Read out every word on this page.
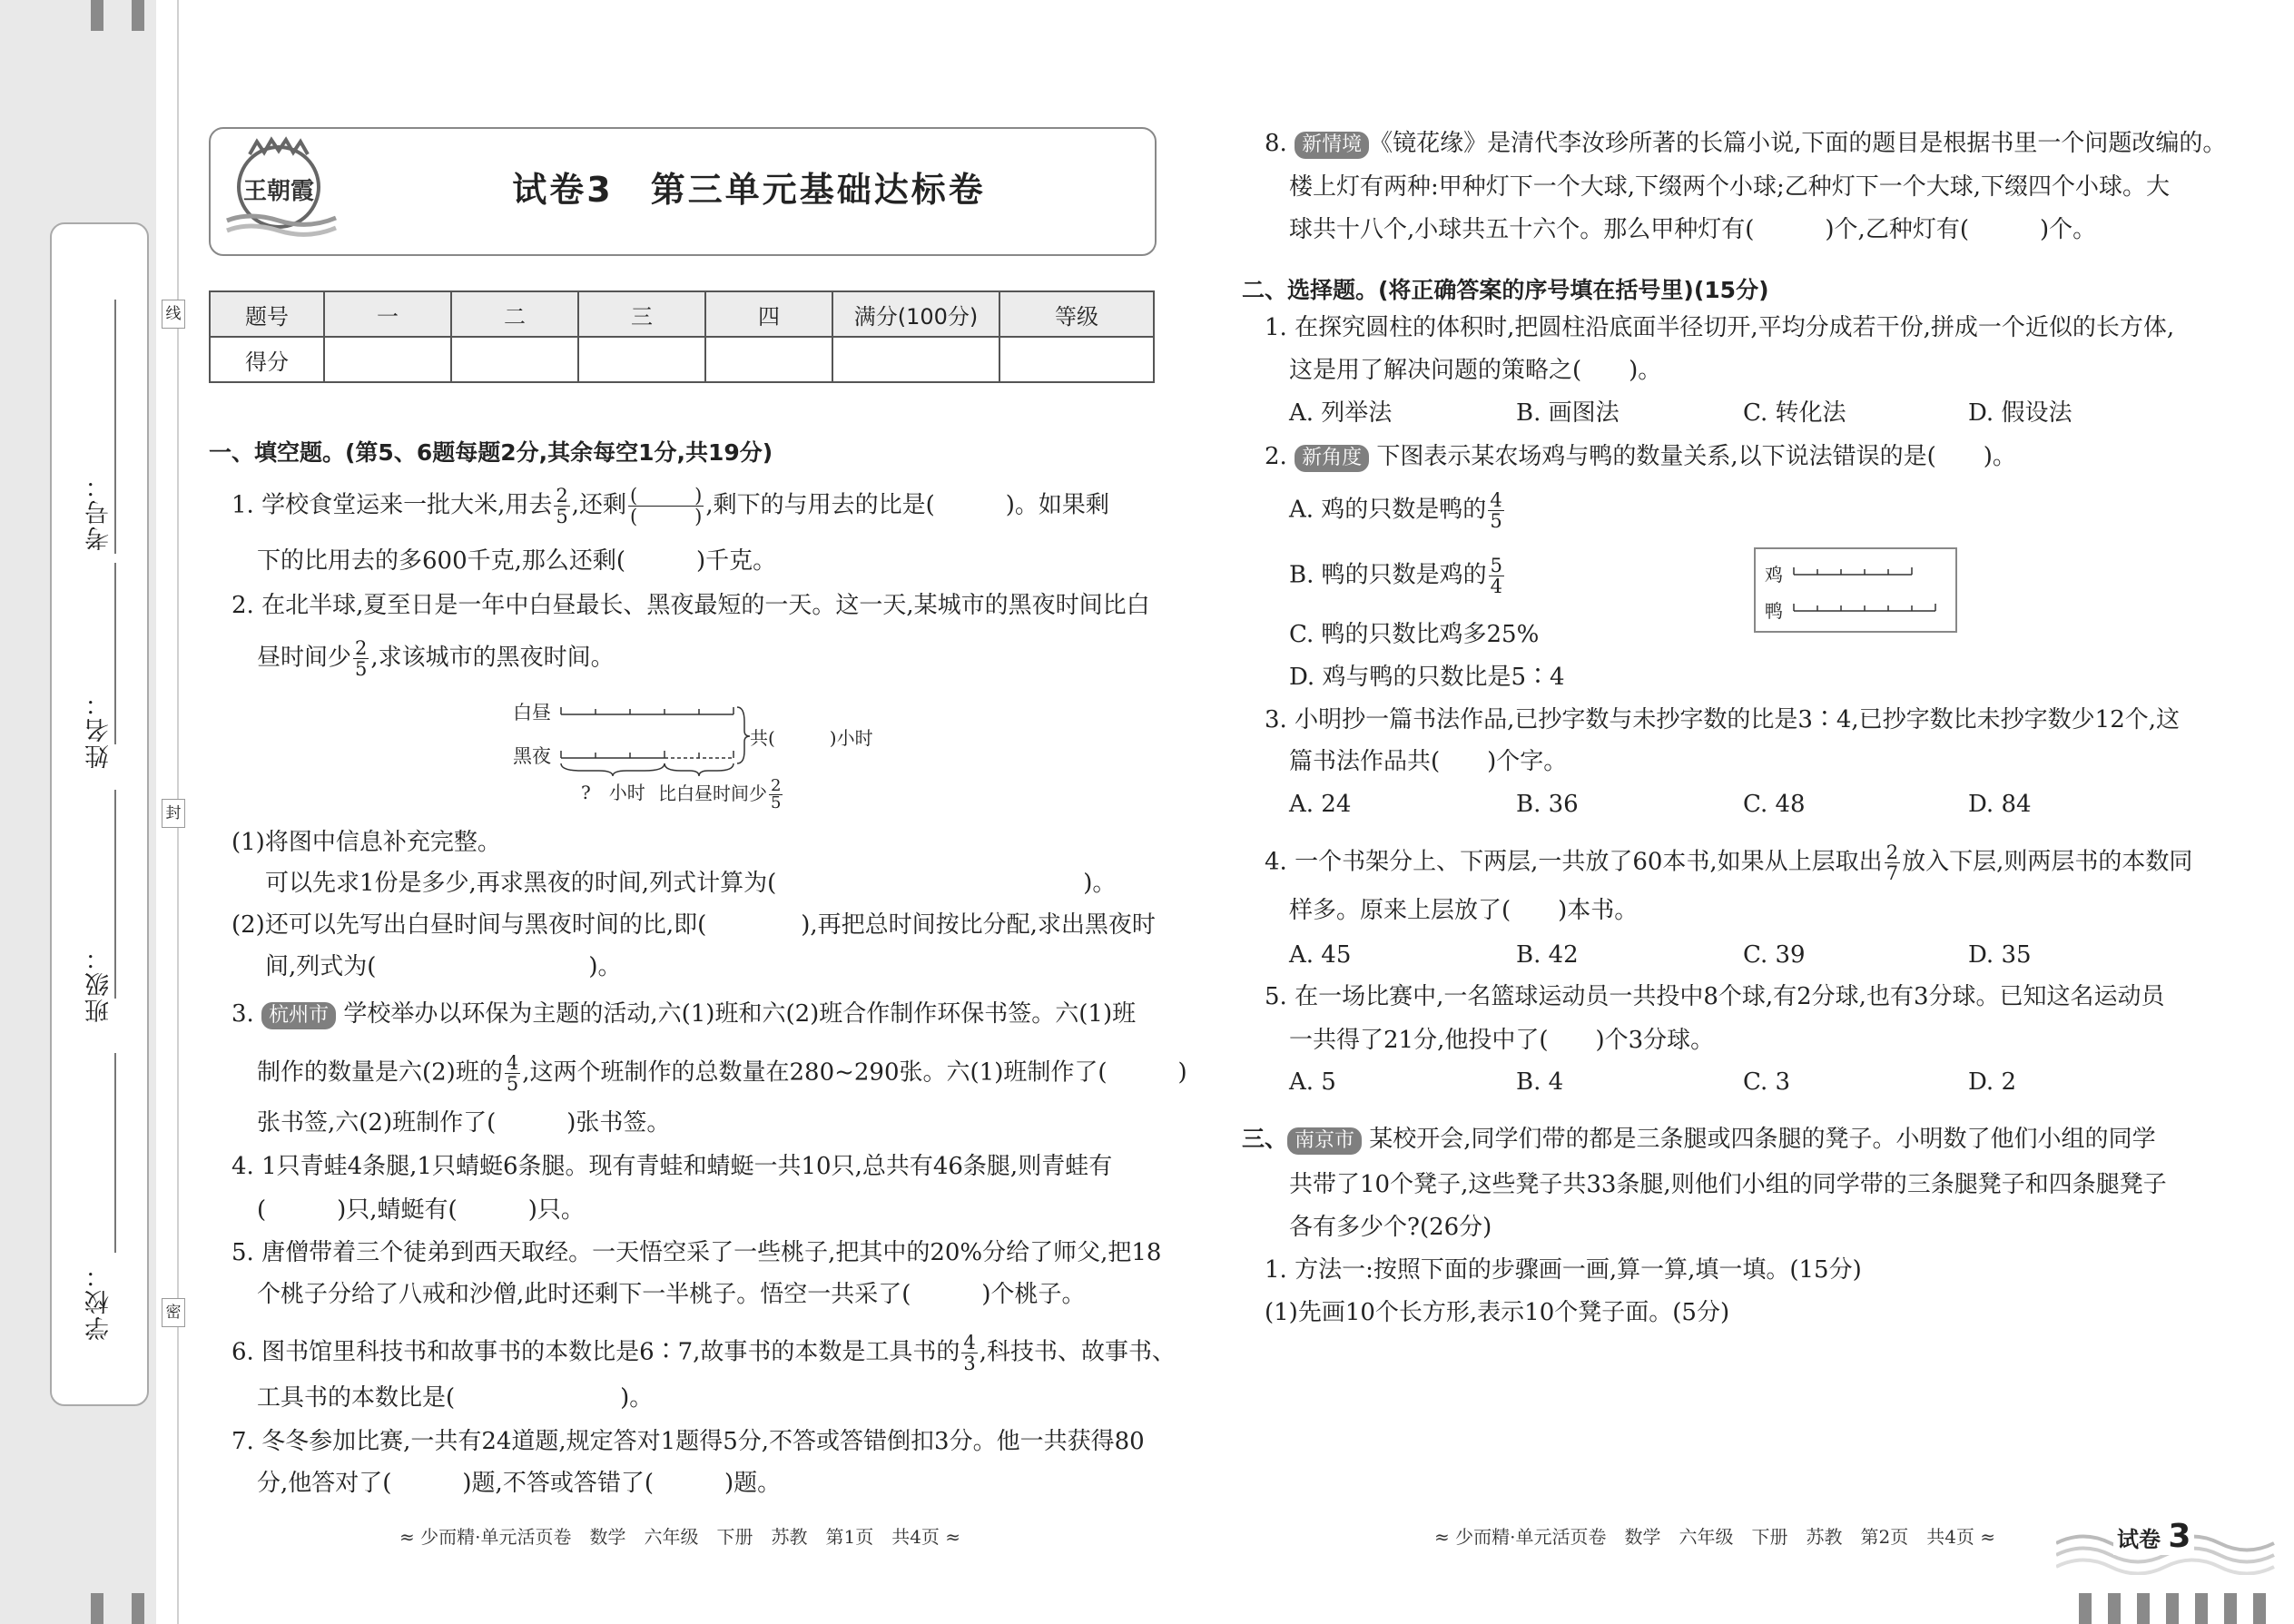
考号：
姓名：
班级：
学校：
线
封
密
王朝霞	试卷3　第三单元基础达标卷
题号	一	二	三	四	满分(100分)	等级
得分						
一、填空题。(第5、6题每题2分,其余每空1分,共19分)
1. 学校食堂运来一批大米,用去 $\frac{2}{5}$ ,还剩 $\frac{( )}{( )}$ ,剩下的与用去的比是(　　　)。如果剩
下的比用去的多600千克,那么还剩(　　　)千克。
2. 在北半球,夏至日是一年中白昼最长、黑夜最短的一天。这一天,某城市的黑夜时间比白
昼时间少 $\frac{2}{5}$ ,求该城市的黑夜时间。
白昼
黑夜
共(　　　)小时
?　小时 比白昼时间少 $\frac{2}{5}$
(1)将图中信息补充完整。
可以先求1份是多少,再求黑夜的时间,列式计算为(　　　　　　　　　　　　　)。
(2)还可以先写出白昼时间与黑夜时间的比,即(　　　　),再把总时间按比分配,求出黑夜时
间,列式为(　　　　　　　　　)。
3. 杭州市 学校举办以环保为主题的活动,六(1)班和六(2)班合作制作环保书签。六(1)班
制作的数量是六(2)班的 $\frac{4}{5}$ ,这两个班制作的总数量在280~290张。六(1)班制作了(　　　)
张书签,六(2)班制作了(　　　)张书签。
4. 1只青蛙4条腿,1只蜻蜓6条腿。现有青蛙和蜻蜓一共10只,总共有46条腿,则青蛙有
(　　　)只,蜻蜓有(　　　)只。
5. 唐僧带着三个徒弟到西天取经。一天悟空采了一些桃子,把其中的20%分给了师父,把18
个桃子分给了八戒和沙僧,此时还剩下一半桃子。悟空一共采了(　　　)个桃子。
6. 图书馆里科技书和故事书的本数比是6∶7,故事书的本数是工具书的 $\frac{4}{3}$ ,科技书、故事书、
工具书的本数比是(　　　　　　　)。
7. 冬冬参加比赛,一共有24道题,规定答对1题得5分,不答或答错倒扣3分。他一共获得80
分,他答对了(　　　)题,不答或答错了(　　　)题。
≈ 少而精·单元活页卷　数学　六年级　下册　苏教　第1页　共4页 ≈
8. 新情境 《镜花缘》是清代李汝珍所著的长篇小说,下面的题目是根据书里一个问题改编的。
楼上灯有两种:甲种灯下一个大球,下缀两个小球;乙种灯下一个大球,下缀四个小球。大
球共十八个,小球共五十六个。那么甲种灯有(　　　)个,乙种灯有(　　　)个。
二、选择题。(将正确答案的序号填在括号里)(15分)
1. 在探究圆柱的体积时,把圆柱沿底面半径切开,平均分成若干份,拼成一个近似的长方体,
这是用了解决问题的策略之(　　)。
A. 列举法	B. 画图法	C. 转化法	D. 假设法
2. 新角度 下图表示某农场鸡与鸭的数量关系,以下说法错误的是(　　)。
A. 鸡的只数是鸭的 $\frac{4}{5}$
B. 鸭的只数是鸡的 $\frac{5}{4}$
C. 鸭的只数比鸡多25%
D. 鸡与鸭的只数比是5∶4
鸡
鸭
3. 小明抄一篇书法作品,已抄字数与未抄字数的比是3∶4,已抄字数比未抄字数少12个,这
篇书法作品共(　　)个字。
A. 24	B. 36	C. 48	D. 84
4. 一个书架分上、下两层,一共放了60本书,如果从上层取出 $\frac{2}{7}$ 放入下层,则两层书的本数同
样多。原来上层放了(　　)本书。
A. 45	B. 42	C. 39	D. 35
5. 在一场比赛中,一名篮球运动员一共投中8个球,有2分球,也有3分球。已知这名运动员
一共得了21分,他投中了(　　)个3分球。
A. 5	B. 4	C. 3	D. 2
三、 南京市 某校开会,同学们带的都是三条腿或四条腿的凳子。小明数了他们小组的同学
共带了10个凳子,这些凳子共33条腿,则他们小组的同学带的三条腿凳子和四条腿凳子
各有多少个?(26分)
1. 方法一:按照下面的步骤画一画,算一算,填一填。(15分)
(1)先画10个长方形,表示10个凳子面。(5分)
≈ 少而精·单元活页卷　数学　六年级　下册　苏教　第2页　共4页 ≈	试卷 3
